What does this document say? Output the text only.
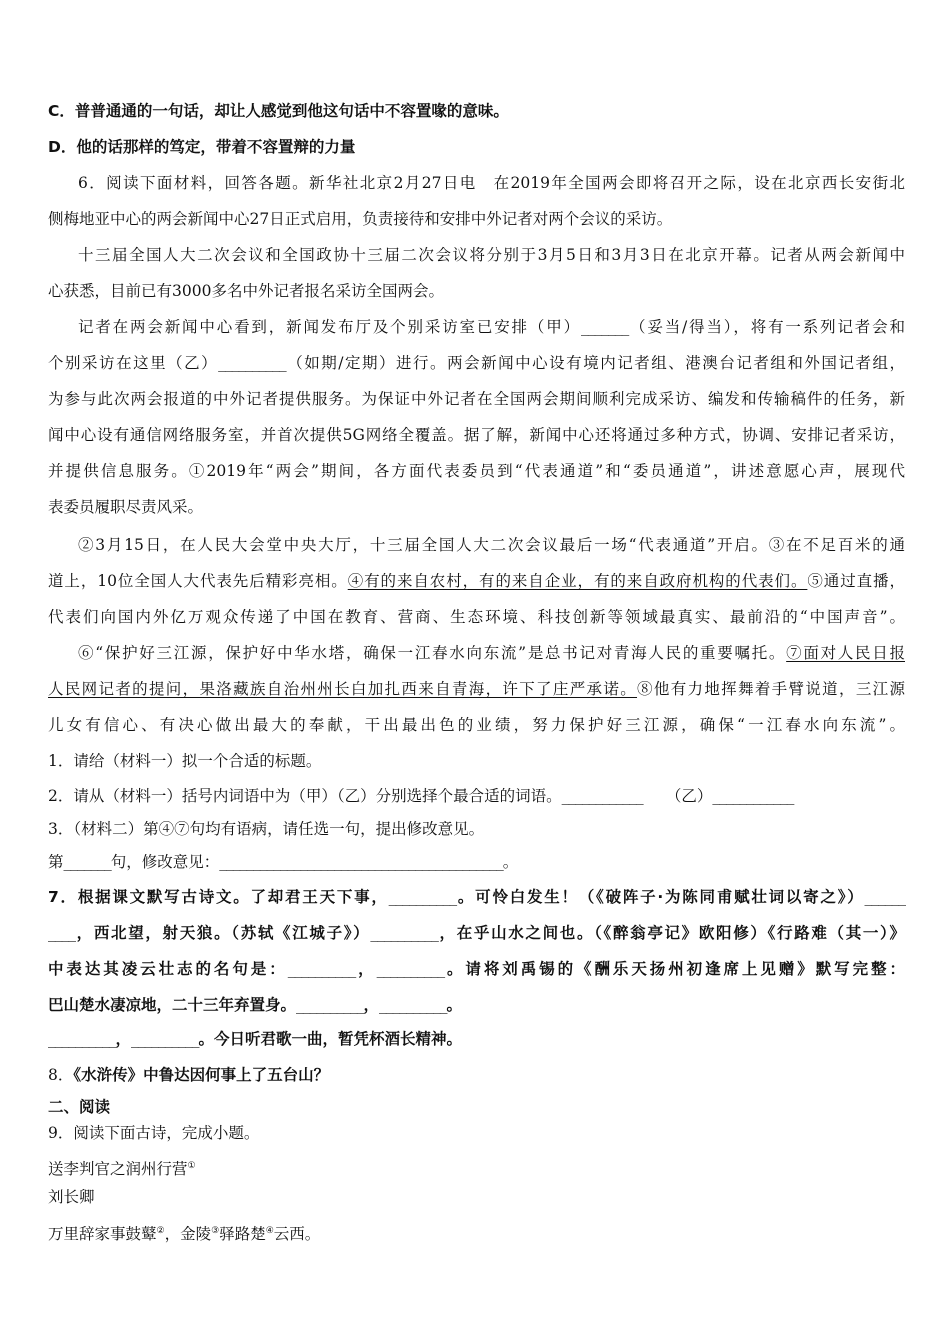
C．普普通通的一句话，却让人感觉到他这句话中不容置喙的意味。
D．他的话那样的笃定，带着不容置辩的力量
6．阅读下面材料，回答各题。新华社北京2月27日电　在2019年全国两会即将召开之际，设在北京西长安街北
侧梅地亚中心的两会新闻中心27日正式启用，负责接待和安排中外记者对两个会议的采访。
十三届全国人大二次会议和全国政协十三届二次会议将分别于3月5日和3月3日在北京开幕。记者从两会新闻中
心获悉，目前已有3000多名中外记者报名采访全国两会。
记者在两会新闻中心看到，新闻发布厅及个别采访室已安排（甲）_______（妥当/得当），将有一系列记者会和
个别采访在这里（乙）__________（如期/定期）进行。两会新闻中心设有境内记者组、港澳台记者组和外国记者组，
为参与此次两会报道的中外记者提供服务。为保证中外记者在全国两会期间顺利完成采访、编发和传输稿件的任务，新
闻中心设有通信网络服务室，并首次提供5G网络全覆盖。据了解，新闻中心还将通过多种方式，协调、安排记者采访，
并提供信息服务。①2019年“两会”期间，各方面代表委员到“代表通道”和“委员通道”，讲述意愿心声，展现代
表委员履职尽责风采。
②3月15日，在人民大会堂中央大厅，十三届全国人大二次会议最后一场“代表通道”开启。③在不足百米的通
道上，10位全国人大代表先后精彩亮相。④有的来自农村，有的来自企业，有的来自政府机构的代表们。⑤通过直播，
代表们向国内外亿万观众传递了中国在教育、营商、生态环境、科技创新等领域最真实、最前沿的“中国声音”。
⑥“保护好三江源，保护好中华水塔，确保一江春水向东流”是总书记对青海人民的重要嘱托。⑦面对人民日报
人民网记者的提问，果洛藏族自治州州长白加扎西来自青海，许下了庄严承诺。⑧他有力地挥舞着手臂说道，三江源
儿女有信心、有决心做出最大的奉献，干出最出色的业绩，努力保护好三江源，确保“一江春水向东流”。
1．请给（材料一）拟一个合适的标题。
2．请从（材料一）括号内词语中为（甲）（乙）分别选择个最合适的词语。____________　　（乙）____________
3．（材料二）第④⑦句均有语病，请任选一句，提出修改意见。
第_______句，修改意见：__________________________________________。
7．根据课文默写古诗文。了却君王天下事，__________。可怜白发生！（《破阵子·为陈同甫赋壮词以寄之》）______
____，西北望，射天狼。（苏轼《江城子》）__________，在乎山水之间也。（《醉翁亭记》欧阳修）《行路难（其一）》
中表达其凌云壮志的名句是：__________，__________。请将刘禹锡的《酬乐天扬州初逢席上见赠》默写完整：
巴山楚水凄凉地，二十三年弃置身。__________，__________。
__________，__________。今日听君歌一曲，暂凭杯酒长精神。
8．《水浒传》中鲁达因何事上了五台山？
二、阅读
9．阅读下面古诗，完成小题。
送李判官之润州行营①
刘长卿
万里辞家事鼓鼙②，金陵③驿路楚④云西。
